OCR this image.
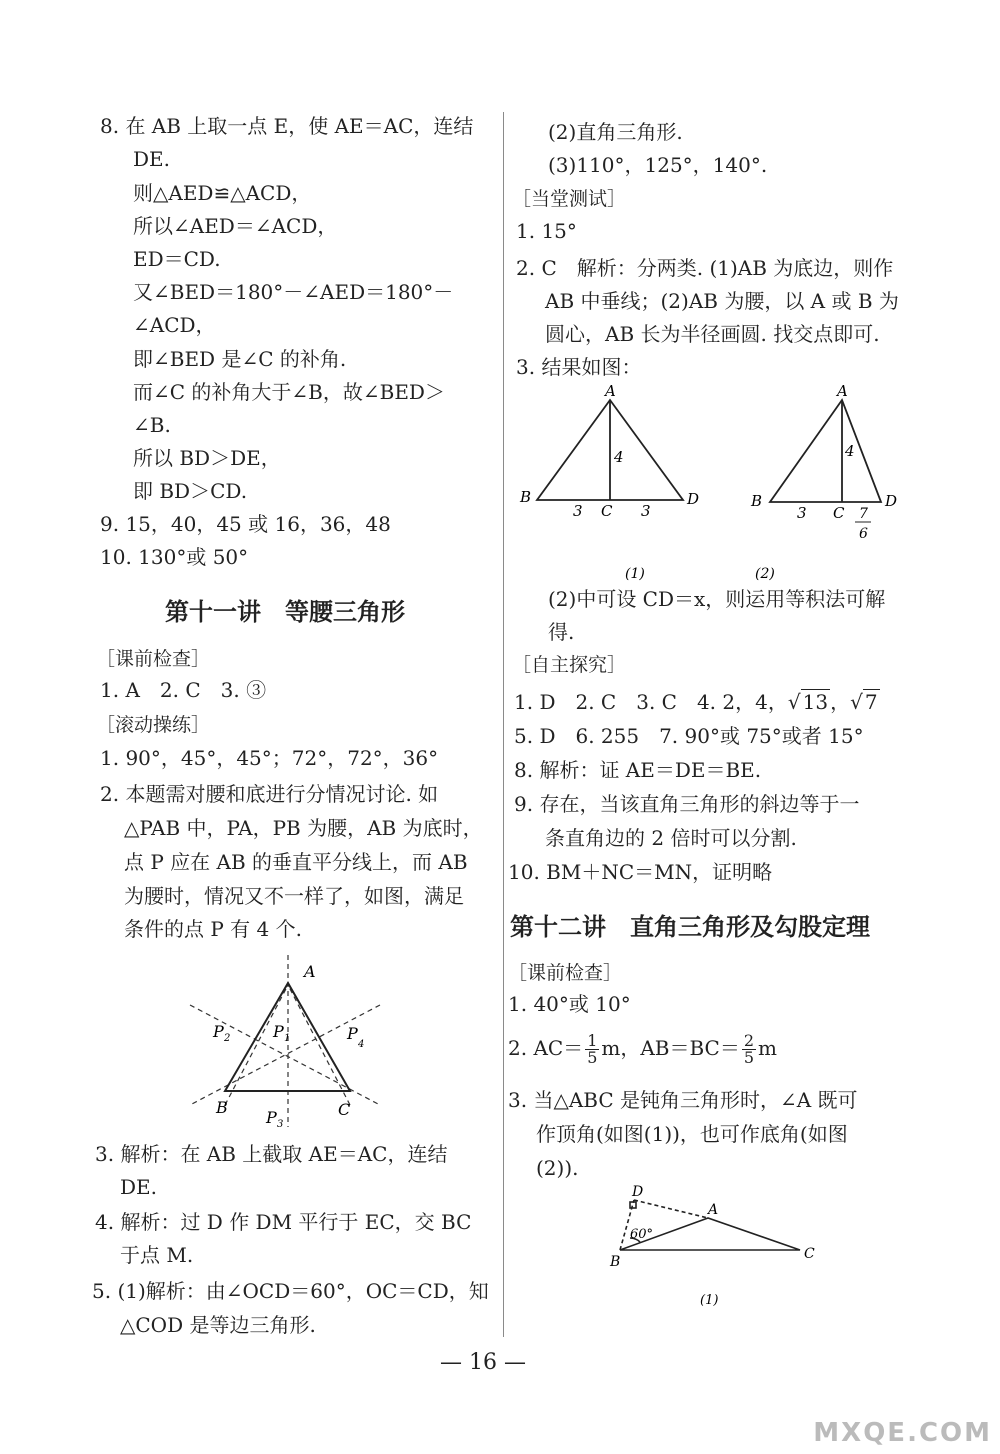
8. 在 AB 上取一点 E，使 AE＝AC，连结
DE.
则△AED≌△ACD，
所以∠AED＝∠ACD，
ED＝CD.
又∠BED＝180°－∠AED＝180°－
∠ACD，
即∠BED 是∠C 的补角.
而∠C 的补角大于∠B，故∠BED＞
∠B.
所以 BD＞DE，
即 BD＞CD.
9. 15，40，45 或 16，36，48
10. 130°或 50°
第十一讲　等腰三角形
［课前检查］
1. A　2. C　3. ③
［滚动操练］
1. 90°，45°，45°；72°，72°，36°
2. 本题需对腰和底进行分情况讨论. 如
△PAB 中，PA，PB 为腰，AB 为底时，
点 P 应在 AB 的垂直平分线上，而 AB
为腰时，情况又不一样了，如图，满足
条件的点 P 有 4 个.
A
B	C
P 1
P 2
P 3
P
4
3. 解析：在 AB 上截取 AE＝AC，连结
DE.
4. 解析：过 D 作 DM 平行于 EC，交 BC
于点 M.
5. (1)解析：由∠OCD＝60°，OC＝CD，知
△COD 是等边三角形.
(2)直角三角形.
(3)110°，125°，140°.
［当堂测试］
1. 15°
2. C　解析：分两类. (1)AB 为底边，则作
AB 中垂线；(2)AB 为腰，以 A 或 B 为
圆心，AB 长为半径画圆. 找交点即可.
3. 结果如图：
A
B	D
C
4
3	3
(1)
A
B	D
C
4
3	7
6
(2)
(2)中可设 CD＝x，则运用等积法可解
得.
［自主探究］
1. D　2. C　3. C　4. 2，4，√ 13 ，√ 7
5. D　6. 255　7. 90°或 75°或者 15°
8. 解析：证 AE＝DE＝BE.
9. 存在，当该直角三角形的斜边等于一
条直角边的 2 倍时可以分割.
10. BM＋NC＝MN，证明略
第十二讲　直角三角形及勾股定理
［课前检查］
1. 40°或 10°
2. $AC= \frac{1}{5}$ m，$AB=BC= \frac{2}{5}$ m
3. 当△ABC 是钝角三角形时，∠A 既可
作顶角(如图(1))，也可作底角(如图
(2)).
D
A
B	C
60°
(1)
— 16 —
MXQE.COM
